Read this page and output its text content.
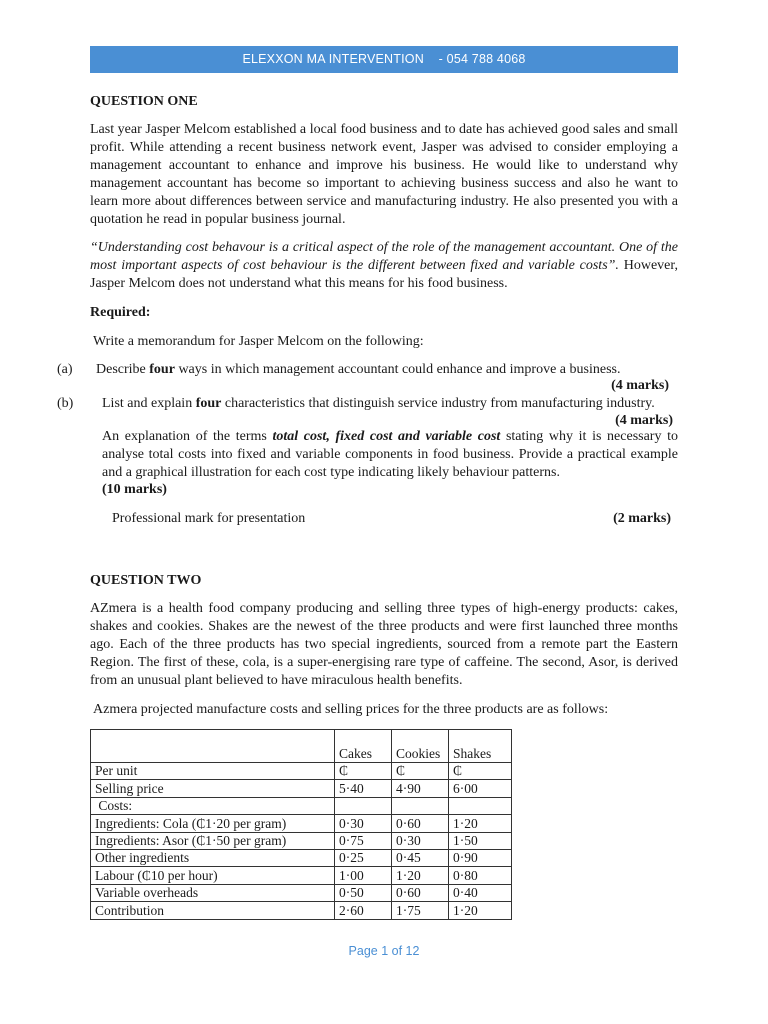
ELEXXON MA INTERVENTION    - 054 788 4068
QUESTION ONE
Last year Jasper Melcom established a local food business and to date has achieved good sales and small profit. While attending a recent business network event, Jasper was advised to consider employing a management accountant to enhance and improve his business. He would like to understand why management accountant has become so important to achieving business success and also he want to learn more about differences between service and manufacturing industry. He also presented you with a quotation he read in popular business journal.
“Understanding cost behavour is a critical aspect of the role of the management accountant. One of the most important aspects of cost behaviour is the different between fixed and variable costs”. However, Jasper Melcom does not understand what this means for his food business.
Required:
Write a memorandum for Jasper Melcom on the following:
(a) Describe four ways in which management accountant could enhance and improve a business.
(4 marks)
(b) List and explain four characteristics that distinguish service industry from manufacturing industry.
(4 marks)
An explanation of the terms total cost, fixed cost and variable cost stating why it is necessary to analyse total costs into fixed and variable components in food business. Provide a practical example and a graphical illustration for each cost type indicating likely behaviour patterns.
(10 marks)
Professional mark for presentation	(2 marks)
QUESTION TWO
AZmera is a health food company producing and selling three types of high-energy products: cakes, shakes and cookies. Shakes are the newest of the three products and were first launched three months ago. Each of the three products has two special ingredients, sourced from a remote part the Eastern Region. The first of these, cola, is a super-energising rare type of caffeine. The second, Asor, is derived from an unusual plant believed to have miraculous health benefits.
Azmera projected manufacture costs and selling prices for the three products are as follows:
	Cakes	Cookies	Shakes
Per unit	₵	₵	₵
Selling price	5·40	4·90	6·00
Costs:			
Ingredients: Cola (₵1·20 per gram)	0·30	0·60	1·20
Ingredients: Asor (₵1·50 per gram)	0·75	0·30	1·50
Other ingredients	0·25	0·45	0·90
Labour (₵10 per hour)	1·00	1·20	0·80
Variable overheads	0·50	0·60	0·40
Contribution	2·60	1·75	1·20
Page 1 of 12
